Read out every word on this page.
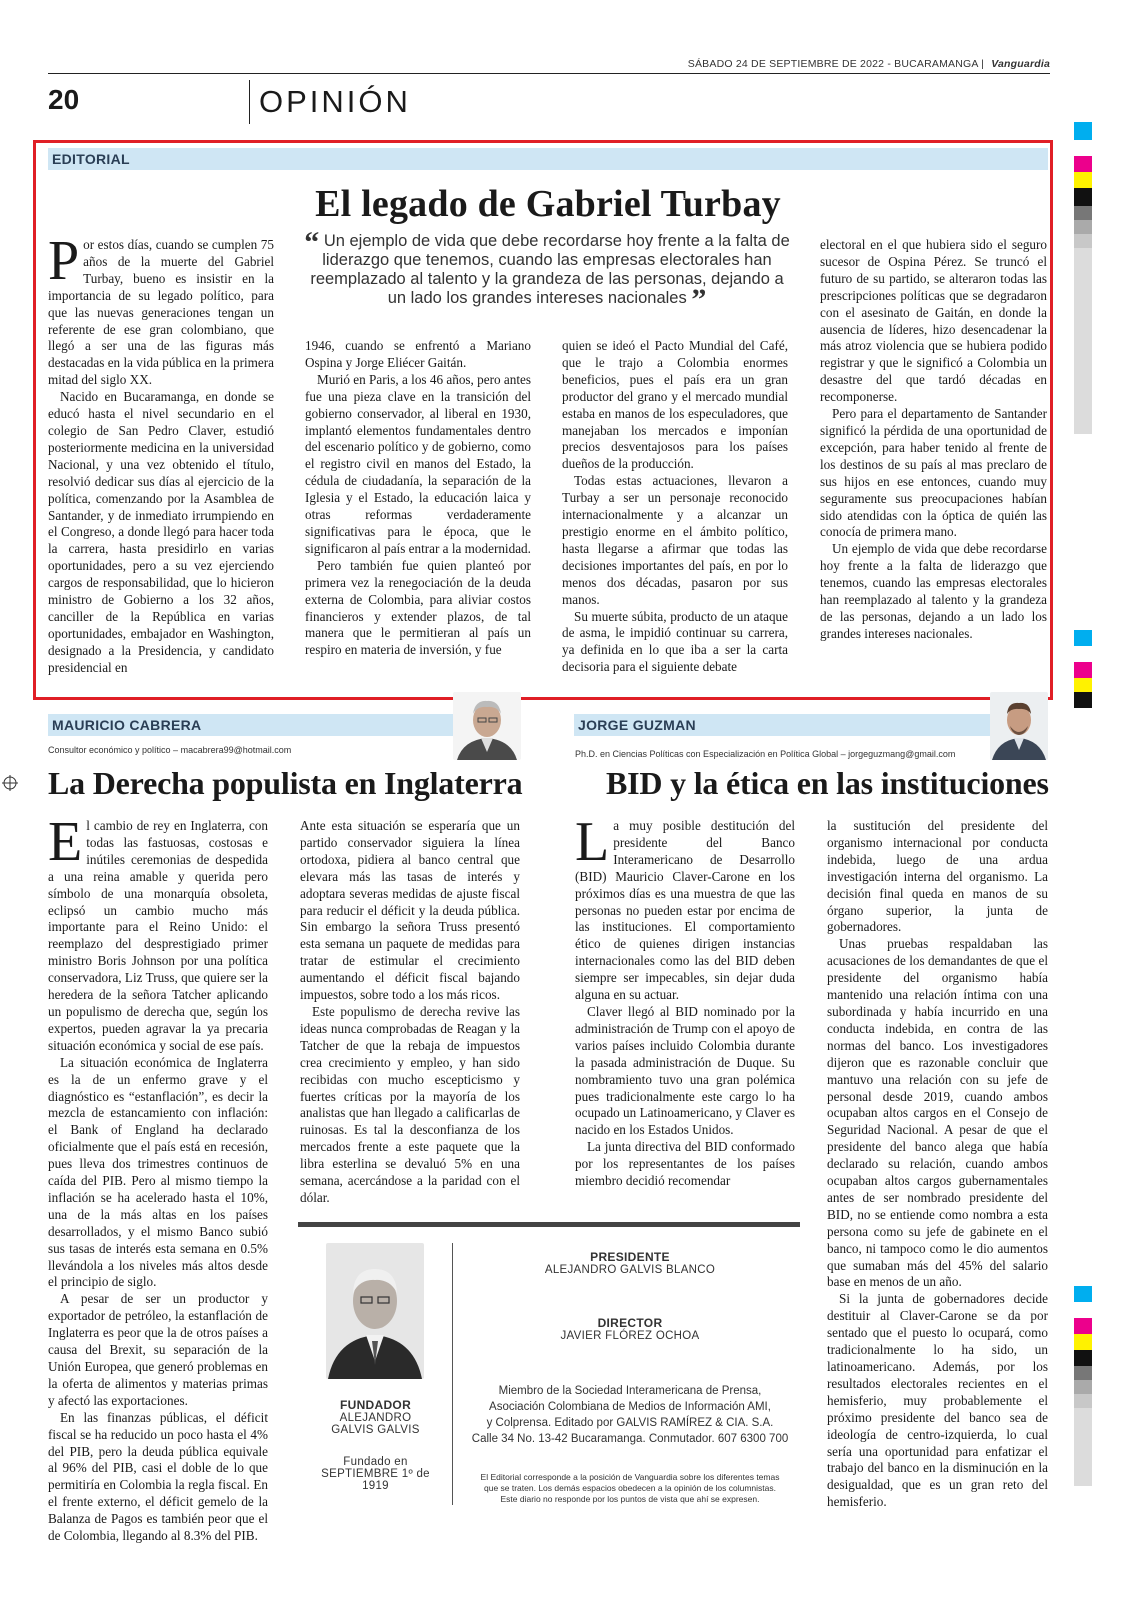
SÁBADO 24 DE SEPTIEMBRE DE 2022 - BUCARAMANGA | Vanguardia
20	OPINIÓN
EDITORIAL
El legado de Gabriel Turbay
“ Un ejemplo de vida que debe recordarse hoy frente a la falta de liderazgo que tenemos, cuando las empresas electorales han reemplazado al talento y la grandeza de las personas, dejando a un lado los grandes intereses nacionales ”

Por estos días, cuando se cumplen 75 años de la muerte del Gabriel Turbay, bueno es insistir en la importancia de su legado político, para que las nuevas generaciones tengan un referente de ese gran colombiano, que llegó a ser una de las figuras más destacadas en la vida pública en la primera mitad del siglo XX.

Nacido en Bucaramanga, en donde se educó hasta el nivel secundario en el colegio de San Pedro Claver, estudió posteriormente medicina en la universidad Nacional, y una vez obtenido el título, resolvió dedicar sus días al ejercicio de la política, comenzando por la Asamblea de Santander, y de inmediato irrumpiendo en el Congreso, a donde llegó para hacer toda la carrera, hasta presidirlo en varias oportunidades, pero a su vez ejerciendo cargos de responsabilidad, que lo hicieron ministro de Gobierno a los 32 años, canciller de la República en varias oportunidades, embajador en Washington, designado a la Presidencia, y candidato presidencial en

1946, cuando se enfrentó a Mariano Ospina y Jorge Eliécer Gaitán.

Murió en Paris, a los 46 años, pero antes fue una pieza clave en la transición del gobierno conservador, al liberal en 1930, implantó elementos fundamentales dentro del escenario político y de gobierno, como el registro civil en manos del Estado, la cédula de ciudadanía, la separación de la Iglesia y el Estado, la educación laica y otras reformas verdaderamente significativas para le época, que le significaron al país entrar a la modernidad.

Pero también fue quien planteó por primera vez la renegociación de la deuda externa de Colombia, para aliviar costos financieros y extender plazos, de tal manera que le permitieran al país un respiro en materia de inversión, y fue

quien se ideó el Pacto Mundial del Café, que le trajo a Colombia enormes beneficios, pues el país era un gran productor del grano y el mercado mundial estaba en manos de los especuladores, que manejaban los mercados e imponían precios desventajosos para los países dueños de la producción.

Todas estas actuaciones, llevaron a Turbay a ser un personaje reconocido internacionalmente y a alcanzar un prestigio enorme en el ámbito político, hasta llegarse a afirmar que todas las decisiones importantes del país, en por lo menos dos décadas, pasaron por sus manos.

Su muerte súbita, producto de un ataque de asma, le impidió continuar su carrera, ya definida en lo que iba a ser la carta decisoria para el siguiente debate

electoral en el que hubiera sido el seguro sucesor de Ospina Pérez. Se truncó el futuro de su partido, se alteraron todas las prescripciones políticas que se degradaron con el asesinato de Gaitán, en donde la ausencia de líderes, hizo desencadenar la más atroz violencia que se hubiera podido registrar y que le significó a Colombia un desastre del que tardó décadas en recomponerse.

Pero para el departamento de Santander significó la pérdida de una oportunidad de excepción, para haber tenido al frente de los destinos de su país al mas preclaro de sus hijos en ese entonces, cuando muy seguramente sus preocupaciones habían sido atendidas con la óptica de quién las conocía de primera mano.

Un ejemplo de vida que debe recordarse hoy frente a la falta de liderazgo que tenemos, cuando las empresas electorales han reemplazado al talento y la grandeza de las personas, dejando a un lado los grandes intereses nacionales.

MAURICIO CABRERA
Consultor económico y político – macabrera99@hotmail.com
La Derecha populista en Inglaterra

El cambio de rey en Inglaterra, con todas las fastuosas, costosas e inútiles ceremonias de despedida a una reina amable y querida pero símbolo de una monarquía obsoleta, eclipsó un cambio mucho más importante para el Reino Unido: el reemplazo del desprestigiado primer ministro Boris Johnson por una política conservadora, Liz Truss, que quiere ser la heredera de la señora Tatcher aplicando un populismo de derecha que, según los expertos, pueden agravar la ya precaria situación económica y social de ese país.

La situación económica de Inglaterra es la de un enfermo grave y el diagnóstico es “estanflación”, es decir la mezcla de estancamiento con inflación: el Bank of England ha declarado oficialmente que el país está en recesión, pues lleva dos trimestres continuos de caída del PIB. Pero al mismo tiempo la inflación se ha acelerado hasta el 10%, una de la más altas en los países desarrollados, y el mismo Banco subió sus tasas de interés esta semana en 0.5% llevándola a los niveles más altos desde el principio de siglo.

A pesar de ser un productor y exportador de petróleo, la estanflación de Inglaterra es peor que la de otros países a causa del Brexit, su separación de la Unión Europea, que generó problemas en la oferta de alimentos y materias primas y afectó las exportaciones.

En las finanzas públicas, el déficit fiscal se ha reducido un poco hasta el 4% del PIB, pero la deuda pública equivale al 96% del PIB, casi el doble de lo que permitiría en Colombia la regla fiscal. En el frente externo, el déficit gemelo de la Balanza de Pagos es también peor que el de Colombia, llegando al 8.3% del PIB.

Ante esta situación se esperaría que un partido conservador siguiera la línea ortodoxa, pidiera al banco central que elevara más las tasas de interés y adoptara severas medidas de ajuste fiscal para reducir el déficit y la deuda pública. Sin embargo la señora Truss presentó esta semana un paquete de medidas para tratar de estimular el crecimiento aumentando el déficit fiscal bajando impuestos, sobre todo a los más ricos.

Este populismo de derecha revive las ideas nunca comprobadas de Reagan y la Tatcher de que la rebaja de impuestos crea crecimiento y empleo, y han sido recibidas con mucho escepticismo y fuertes críticas por la mayoría de los analistas que han llegado a calificarlas de ruinosas. Es tal la desconfianza de los mercados frente a este paquete que la libra esterlina se devaluó 5% en una semana, acercándose a la paridad con el dólar.

JORGE GUZMAN
Ph.D. en Ciencias Políticas con Especialización en Política Global – jorgeguzmang@gmail.com
BID y la ética en las instituciones

La muy posible destitución del presidente del Banco Interamericano de Desarrollo (BID) Mauricio Claver-Carone en los próximos días es una muestra de que las personas no pueden estar por encima de las instituciones. El comportamiento ético de quienes dirigen instancias internacionales como las del BID deben siempre ser impecables, sin dejar duda alguna en su actuar.

Claver llegó al BID nominado por la administración de Trump con el apoyo de varios países incluido Colombia durante la pasada administración de Duque. Su nombramiento tuvo una gran polémica pues tradicionalmente este cargo lo ha ocupado un Latinoamericano, y Claver es nacido en los Estados Unidos.

La junta directiva del BID conformado por los representantes de los países miembro decidió recomendar

la sustitución del presidente del organismo internacional por conducta indebida, luego de una ardua investigación interna del organismo. La decisión final queda en manos de su órgano superior, la junta de gobernadores.

Unas pruebas respaldaban las acusaciones de los demandantes de que el presidente del organismo había mantenido una relación íntima con una subordinada y había incurrido en una conducta indebida, en contra de las normas del banco. Los investigadores dijeron que es razonable concluir que mantuvo una relación con su jefe de personal desde 2019, cuando ambos ocupaban altos cargos en el Consejo de Seguridad Nacional. A pesar de que el presidente del banco alega que había declarado su relación, cuando ambos ocupaban altos cargos gubernamentales antes de ser nombrado presidente del BID, no se entiende como nombra a esta persona como su jefe de gabinete en el banco, ni tampoco como le dio aumentos que sumaban más del 45% del salario base en menos de un año.

Si la junta de gobernadores decide destituir al Claver-Carone se da por sentado que el puesto lo ocupará, como tradicionalmente lo ha sido, un latinoamericano. Además, por los resultados electorales recientes en el hemisferio, muy probablemente el próximo presidente del banco sea de ideología de centro-izquierda, lo cual sería una oportunidad para enfatizar el trabajo del banco en la disminución en la desigualdad, que es un gran reto del hemisferio.

FUNDADOR
ALEJANDRO
GALVIS GALVIS
Fundado en
SEPTIEMBRE 1º de 1919
PRESIDENTE
ALEJANDRO GALVIS BLANCO
DIRECTOR
JAVIER FLÓREZ OCHOA
Miembro de la Sociedad Interamericana de Prensa,
Asociación Colombiana de Medios de Información AMI,
y Colprensa. Editado por GALVIS RAMÍREZ & CIA. S.A.
Calle 34 No. 13-42 Bucaramanga. Conmutador. 607 6300 700
El Editorial corresponde a la posición de Vanguardia sobre los diferentes temas
que se traten. Los demás espacios obedecen a la opinión de los columnistas.
Este diario no responde por los puntos de vista que ahí se expresen.
